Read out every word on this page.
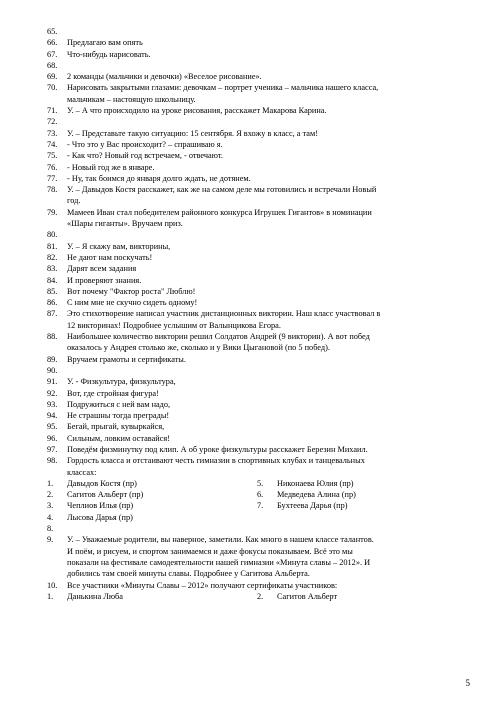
65.
66.	Предлагаю вам опять
67.	Что-нибудь нарисовать.
68.
69.	2 команды (мальчики и девочки) «Веселое рисование».
70.	Нарисовать закрытыми глазами: девочкам – портрет ученика – мальчика нашего класса,
мальчикам – настоящую школьницу.
71.	У. – А что происходило на уроке рисования, расскажет Макарова Карина.
72.
73.	У. – Представьте такую ситуацию: 15 сентября. Я вхожу в класс, а там!
74.	- Что это у Вас происходит? – спрашиваю я.
75.	- Как что? Новый год встречаем, - отвечают.
76.	- Новый год же в январе.
77.	- Ну, так боимся до января долго ждать, не дотянем.
78.	У. – Давыдов Костя расскажет, как же на самом деле мы готовились и встречали Новый
год.
79.	Мамеев Иван стал победителем районного конкурса Игрушек Гигантов» в номинации
«Шары гиганты». Вручаем приз.
80.
81.	У. – Я скажу вам, викторины,
82.	Не дают нам поскучать!
83.	Дарят всем задания
84.	И проверяют знания.
85.	Вот почему "Фактор роста" Люблю!
86.	С ним мне не скучно сидеть одному!
87.	Это стихотворение написал участник дистанционных викторин. Наш класс участвовал в
12 викторинах! Подробнее услышим от Валынцикова Егора.
88.	Наибольшее количество викторин решил Солдатов Андрей (9 викторин). А вот побед
оказалось у Андрея столько же, сколько и у Вики Цыгановой (по 5 побед).
89.	Вручаем грамоты и сертификаты.
90.
91.	У. - Физкультура, физкультура,
92.	Вот, где стройная фигура!
93.	Подружиться с ней вам надо,
94.	Не страшны тогда преграды!
95.	Бегай, прыгай, кувыркайся,
96.	Сильным, ловким оставайся!
97.	Поведём физминутку под клип. А об уроке физкультуры расскажет Березин Михаил.
98.	Гордость класса и отстаивают честь гимназии в спортивных клубах и танцевальных
классах:
1.	Давыдов Костя (пр)	5.	Никонаева Юлия (пр)
2.	Сагитов Альберт (пр)	6.	Медведева Алина (пр)
3.	Чеплиов Илья (пр)	7.	Бухтеева Дарья (пр)
4.	Лысова Дарья (пр)
8.
9.	У. – Уважаемые родители, вы наверное, заметили. Как много в нашем классе талантов.
И поём, и рисуем, и спортом занимаемся и даже фокусы показываем. Всё это мы
показали на фестивале самодеятельности нашей гимназии «Минута славы – 2012». И
добились там своей минуты славы. Подробнее у Сагитова Альберта.
10.	Все участники «Минуты Славы – 2012» получают сертификаты участников:
1.	Данькина Люба	2.	Сагитов Альберт
5
